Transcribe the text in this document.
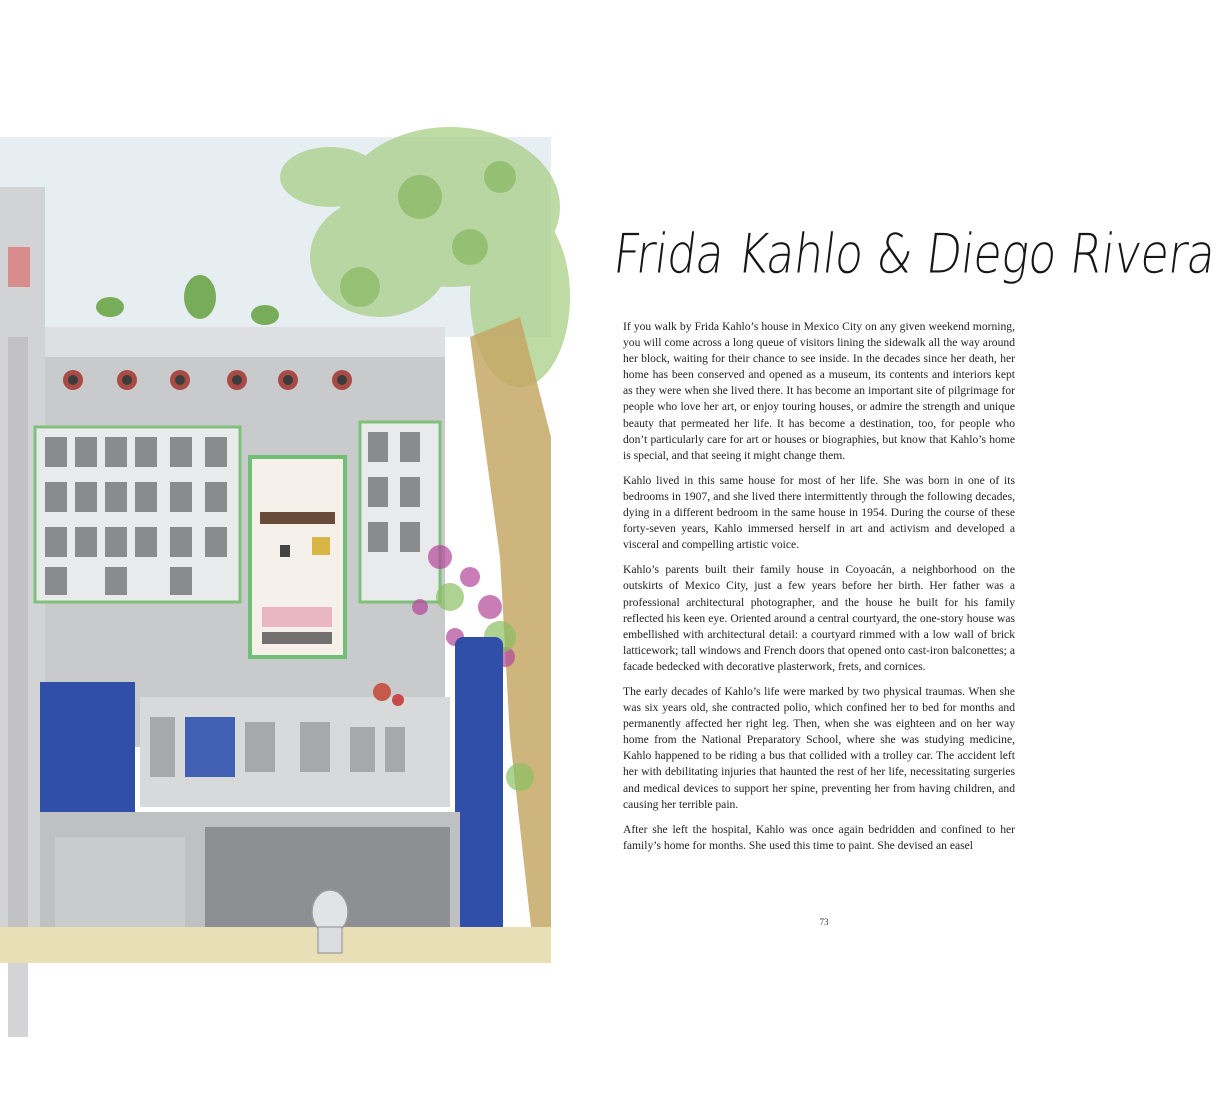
Frida Kahlo & Diego Rivera

If you walk by Frida Kahlo’s house in Mexico City on any given weekend morning, you will come across a long queue of visitors lining the sidewalk all the way around her block, waiting for their chance to see inside. In the decades since her death, her home has been conserved and opened as a museum, its contents and interiors kept as they were when she lived there. It has become an important site of pilgrimage for people who love her art, or enjoy touring houses, or admire the strength and unique beauty that permeated her life. It has become a destination, too, for people who don’t particularly care for art or houses or biographies, but know that Kahlo’s home is special, and that seeing it might change them.

Kahlo lived in this same house for most of her life. She was born in one of its bedrooms in 1907, and she lived there intermittently through the following decades, dying in a different bedroom in the same house in 1954. During the course of these forty-seven years, Kahlo immersed herself in art and activism and developed a visceral and compelling artistic voice.

Kahlo’s parents built their family house in Coyoacán, a neighborhood on the outskirts of Mexico City, just a few years before her birth. Her father was a professional architectural photographer, and the house he built for his family reflected his keen eye. Oriented around a central courtyard, the one-story house was embellished with architectural detail: a courtyard rimmed with a low wall of brick latticework; tall windows and French doors that opened onto cast-iron balconettes; a facade bedecked with decorative plasterwork, frets, and cornices.

The early decades of Kahlo’s life were marked by two physical traumas. When she was six years old, she contracted polio, which confined her to bed for months and permanently affected her right leg. Then, when she was eighteen and on her way home from the National Preparatory School, where she was studying medicine, Kahlo happened to be riding a bus that collided with a trolley car. The accident left her with debilitating injuries that haunted the rest of her life, necessitating surgeries and medical devices to support her spine, preventing her from having children, and causing her terrible pain.

After she left the hospital, Kahlo was once again bedridden and confined to her family’s home for months. She used this time to paint. She devised an easel

73
